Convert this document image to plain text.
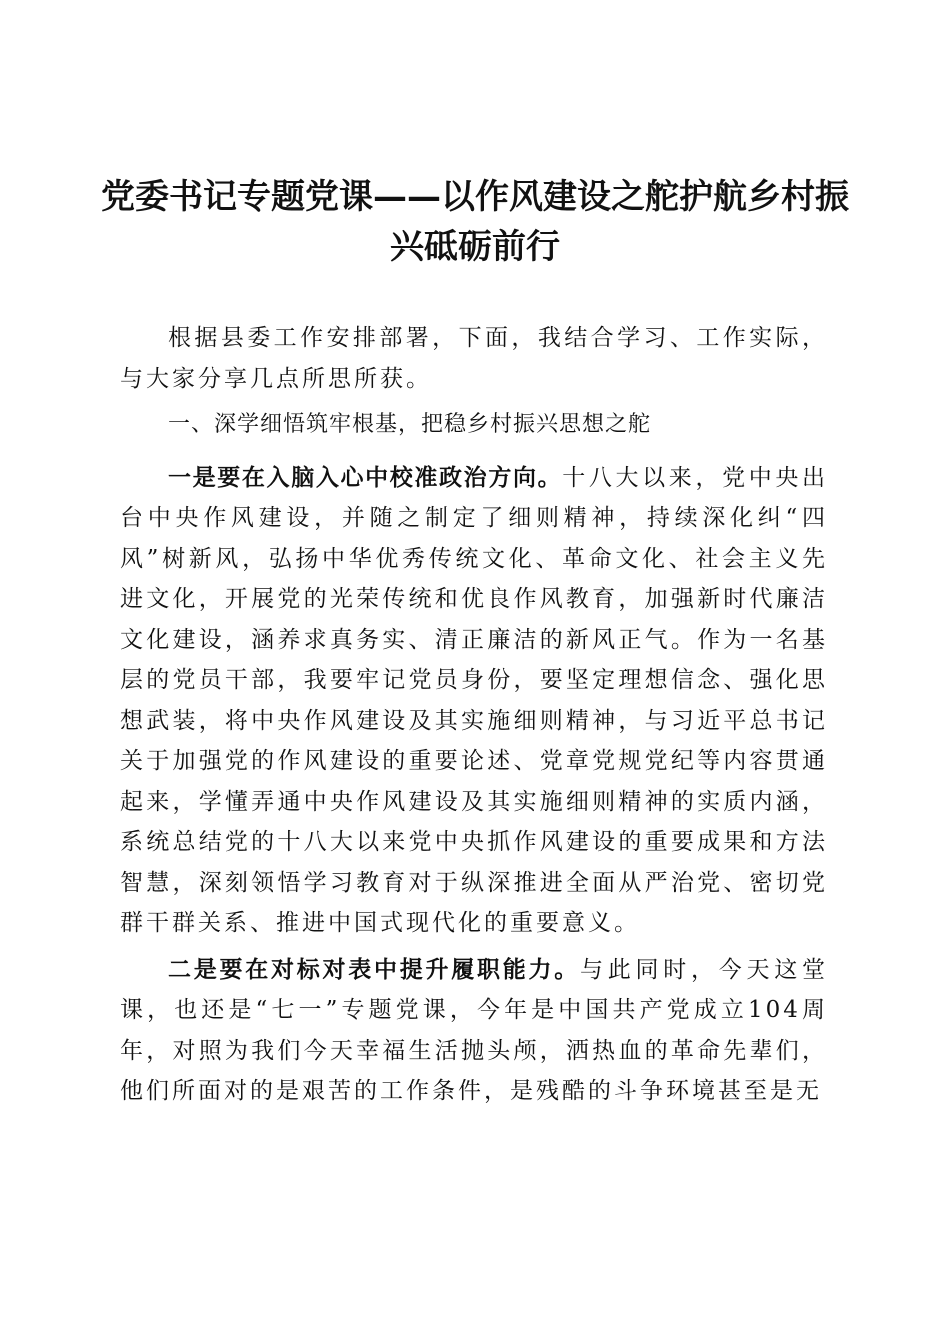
党委书记专题党课——以作风建设之舵护航乡村振兴砥砺前行

根据县委工作安排部署，下面，我结合学习、工作实际，与大家分享几点所思所获。

一、深学细悟筑牢根基，把稳乡村振兴思想之舵

一是要在入脑入心中校准政治方向。十八大以来，党中央出台中央作风建设，并随之制定了细则精神，持续深化纠“四风”树新风，弘扬中华优秀传统文化、革命文化、社会主义先进文化，开展党的光荣传统和优良作风教育，加强新时代廉洁文化建设，涵养求真务实、清正廉洁的新风正气。作为一名基层的党员干部，我要牢记党员身份，要坚定理想信念、强化思想武装，将中央作风建设及其实施细则精神，与习近平总书记关于加强党的作风建设的重要论述、党章党规党纪等内容贯通起来，学懂弄通中央作风建设及其实施细则精神的实质内涵，系统总结党的十八大以来党中央抓作风建设的重要成果和方法智慧，深刻领悟学习教育对于纵深推进全面从严治党、密切党群干群关系、推进中国式现代化的重要意义。

二是要在对标对表中提升履职能力。与此同时，今天这堂课，也还是“七一”专题党课，今年是中国共产党成立104周年，对照为我们今天幸福生活抛头颅，洒热血的革命先辈们，他们所面对的是艰苦的工作条件，是残酷的斗争环境甚至是无
